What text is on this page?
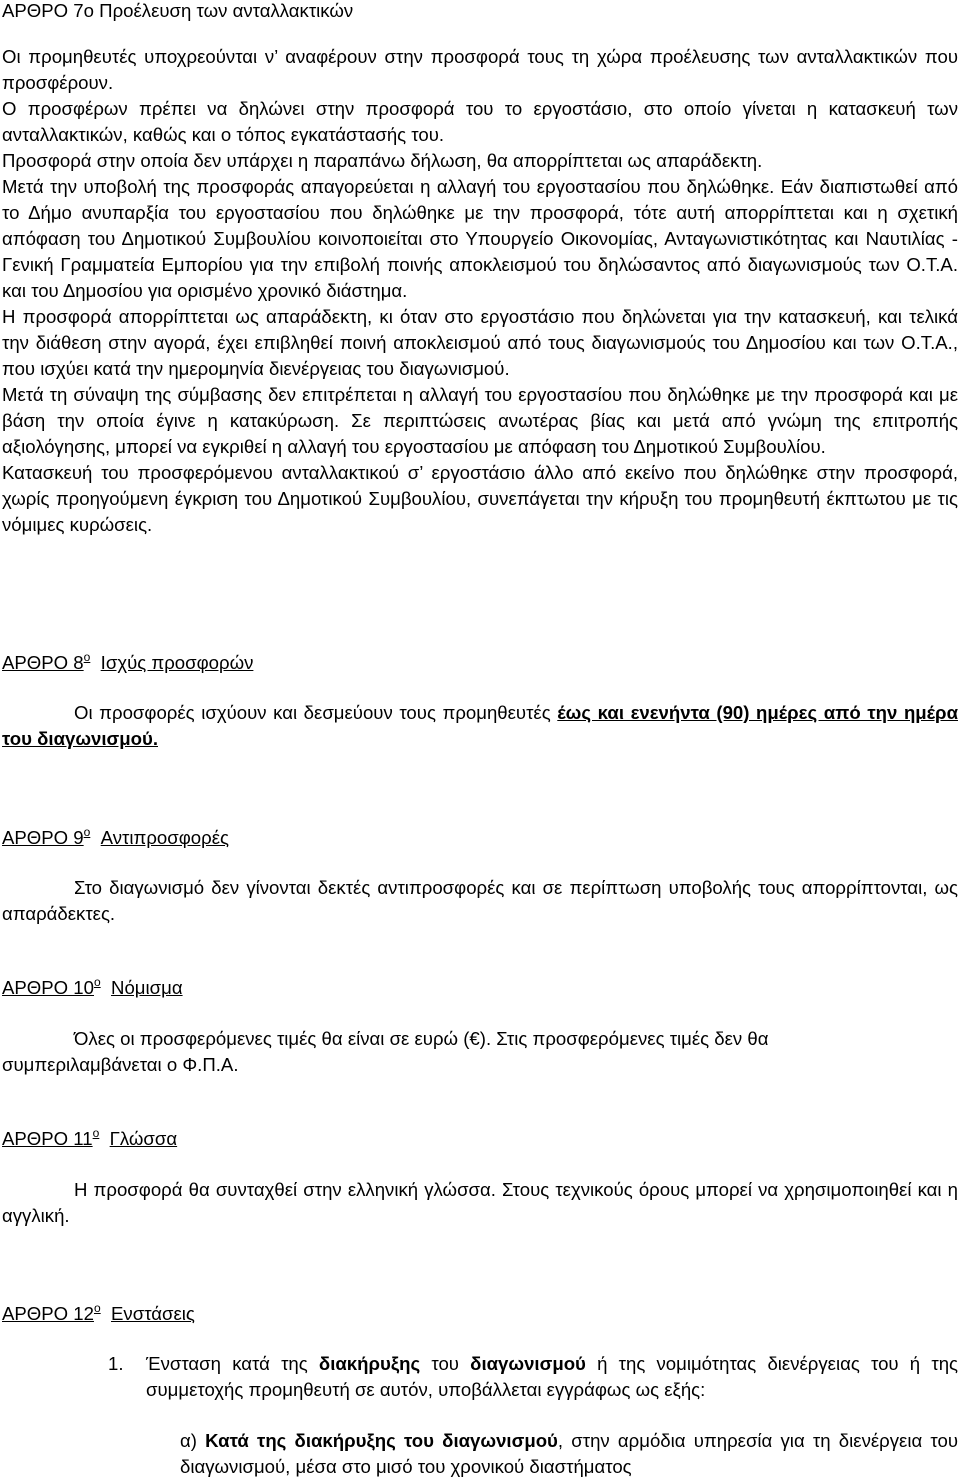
ΑΡΘΡΟ 7ο Προέλευση των ανταλλακτικών

Οι προμηθευτές υποχρεούνται ν’ αναφέρουν στην προσφορά τους τη χώρα προέλευσης των ανταλλακτικών που προσφέρουν.

Ο προσφέρων πρέπει να δηλώνει στην προσφορά του το εργοστάσιο, στο οποίο γίνεται η κατασκευή των ανταλλακτικών, καθώς και ο τόπος εγκατάστασής του.

Προσφορά στην οποία δεν υπάρχει η παραπάνω δήλωση, θα απορρίπτεται ως απαράδεκτη.

Μετά την υποβολή της προσφοράς απαγορεύεται η αλλαγή του εργοστασίου που δηλώθηκε. Εάν διαπιστωθεί από το Δήμο ανυπαρξία του εργοστασίου που δηλώθηκε με την προσφορά, τότε αυτή απορρίπτεται και η σχετική απόφαση του Δημοτικού Συμβουλίου κοινοποιείται στο Υπουργείο Οικονομίας, Ανταγωνιστικότητας και Ναυτιλίας - Γενική Γραμματεία Εμπορίου για την επιβολή ποινής αποκλεισμού του δηλώσαντος από διαγωνισμούς των Ο.Τ.Α. και του Δημοσίου για ορισμένο χρονικό διάστημα.

Η προσφορά απορρίπτεται ως απαράδεκτη, κι όταν στο εργοστάσιο που δηλώνεται για την κατασκευή, και τελικά την διάθεση στην αγορά, έχει επιβληθεί ποινή αποκλεισμού από τους διαγωνισμούς του Δημοσίου και των Ο.Τ.Α., που ισχύει κατά την ημερομηνία διενέργειας του διαγωνισμού.

Μετά τη σύναψη της σύμβασης δεν επιτρέπεται η αλλαγή του εργοστασίου που δηλώθηκε με την προσφορά και με βάση την οποία έγινε η κατακύρωση. Σε περιπτώσεις ανωτέρας βίας και μετά από γνώμη της επιτροπής αξιολόγησης, μπορεί να εγκριθεί η αλλαγή του εργοστασίου με απόφαση του Δημοτικού Συμβουλίου.

Κατασκευή του προσφερόμενου ανταλλακτικού σ’ εργοστάσιο άλλο από εκείνο που δηλώθηκε στην προσφορά, χωρίς προηγούμενη έγκριση του Δημοτικού Συμβουλίου, συνεπάγεται την κήρυξη του προμηθευτή έκπτωτου με τις νόμιμες κυρώσεις.

ΑΡΘΡΟ $8^o$ Ισχύς προσφορών
Οι προσφορές ισχύουν και δεσμεύουν τους προμηθευτές έως και ενενήντα (90) ημέρες από την ημέρα του διαγωνισμού.
ΑΡΘΡΟ $9^o$ Αντιπροσφορές
Στο διαγωνισμό δεν γίνονται δεκτές αντιπροσφορές και σε περίπτωση υποβολής τους απορρίπτονται, ως απαράδεκτες.
ΑΡΘΡΟ $10^o$ Νόμισμα

Όλες οι προσφερόμενες τιμές θα είναι σε ευρώ (€). Στις προσφερόμενες τιμές δεν θα

συμπεριλαμβάνεται ο Φ.Π.Α.

ΑΡΘΡΟ $11^o$ Γλώσσα
Η προσφορά θα συνταχθεί στην ελληνική γλώσσα. Στους τεχνικούς όρους μπορεί να χρησιμοποιηθεί και η αγγλική.
ΑΡΘΡΟ $12^o$ Ενστάσεις
1. Ένσταση κατά της διακήρυξης του διαγωνισμού ή της νομιμότητας διενέργειας του ή της συμμετοχής προμηθευτή σε αυτόν, υποβάλλεται εγγράφως ως εξής:
α) Κατά της διακήρυξης του διαγωνισμού, στην αρμόδια υπηρεσία για τη διενέργεια του διαγωνισμού, μέσα στο μισό του χρονικού διαστήματος
